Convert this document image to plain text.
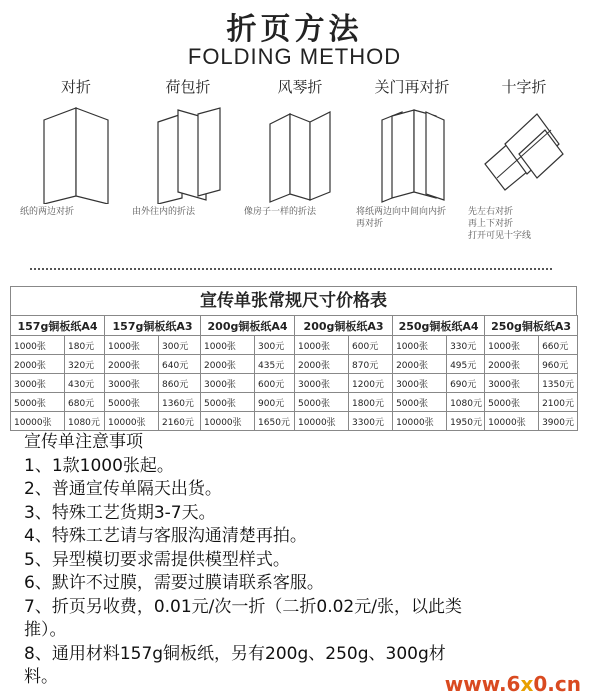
折页方法
FOLDING METHOD
对折
纸的两边对折
荷包折
由外往内的折法
风琴折
像房子一样的折法
关门再对折
将纸两边向中间向内折
再对折
十字折
先左右对折
再上下对折
打开可见十字线
宣传单张常规尺寸价格表
157g铜板纸A4		157g铜板纸A3		200g铜板纸A4		200g铜板纸A3		250g铜板纸A4		250g铜板纸A3	
1000张	180元	1000张	300元	1000张	300元	1000张	600元	1000张	330元	1000张	660元
2000张	320元	2000张	640元	2000张	435元	2000张	870元	2000张	495元	2000张	960元
3000张	430元	3000张	860元	3000张	600元	3000张	1200元	3000张	690元	3000张	1350元
5000张	680元	5000张	1360元	5000张	900元	5000张	1800元	5000张	1080元	5000张	2100元
10000张	1080元	10000张	2160元	10000张	1650元	10000张	3300元	10000张	1950元	10000张	3900元
宣传单注意事项
1、1款1000张起。
2、普通宣传单隔天出货。
3、特殊工艺货期3-7天。
4、特殊工艺请与客服沟通清楚再拍。
5、异型模切要求需提供模型样式。
6、默许不过膜，需要过膜请联系客服。
7、折页另收费，0.01元/次一折（二折0.02元/张，以此类
推）。
8、通用材料157g铜板纸，另有200g、250g、300g材
料。	www.6x0.cn
